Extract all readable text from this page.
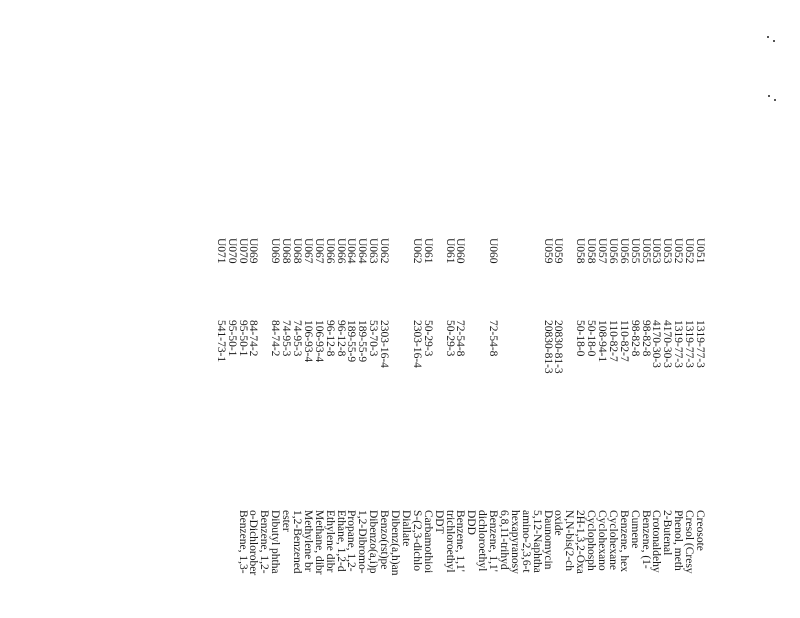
U051
U052
U052
U053
U053
U055
U055
U056
U056
U057
U058
U058
U059
U059
U060
U060
U061
U061
U062
U062
U063
U064
U064
U066
U066
U067
U067
U068
U068
U069
U069
U070
U070
U071
1319-77-3
1319-77-3
1319-77-3
4170-30-3
4170-30-3
98-82-8
98-82-8
110-82-7
110-82-7
108-94-1
50-18-0
50-18-0
20830-81-3
20830-81-3
72-54-8
72-54-8
50-29-3
50-29-3
2303-16-4
2303-16-4
53-70-3
189-55-9
189-55-9
96-12-8
96-12-8
106-93-4
106-93-4
74-95-3
74-95-3
84-74-2
84-74-2
95-50-1
95-50-1
541-73-1
Creosote
Cresol (Cresy
Phenol, meth
2-Butenal
Crotonaldehy
Benzene, (1-
Cumene
Benzene, hex
Cyclohexane
Cyclohexano
Cyclophosph
2H-1,3,2-Oxa
N,N-bis(2-ch
oxide
Daunomycin
5,12-Naphtha
amino-2,3,6-t
hexapyranosy
6,8,11-trihyd
Benzene, 1,1'
dichloroethyl
DDD
Benzene, 1,1'
trichloroethyl
DDT
Carbamothioi
S-(2,3-dichlo
Diallate
Dibenz(a,h)an
Benzo(rst)pe
Dibenzo(a,i)p
1,2-Dibromo-
Propane, 1,2-
Ethane, 1,2-d
Ethylene dibr
Methane, dibr
Methylene br
1,2-Benzened
ester
Dibutyl phtha
Benzene, 1,2-
o-Dichlorober
Benzene, 1,3-
